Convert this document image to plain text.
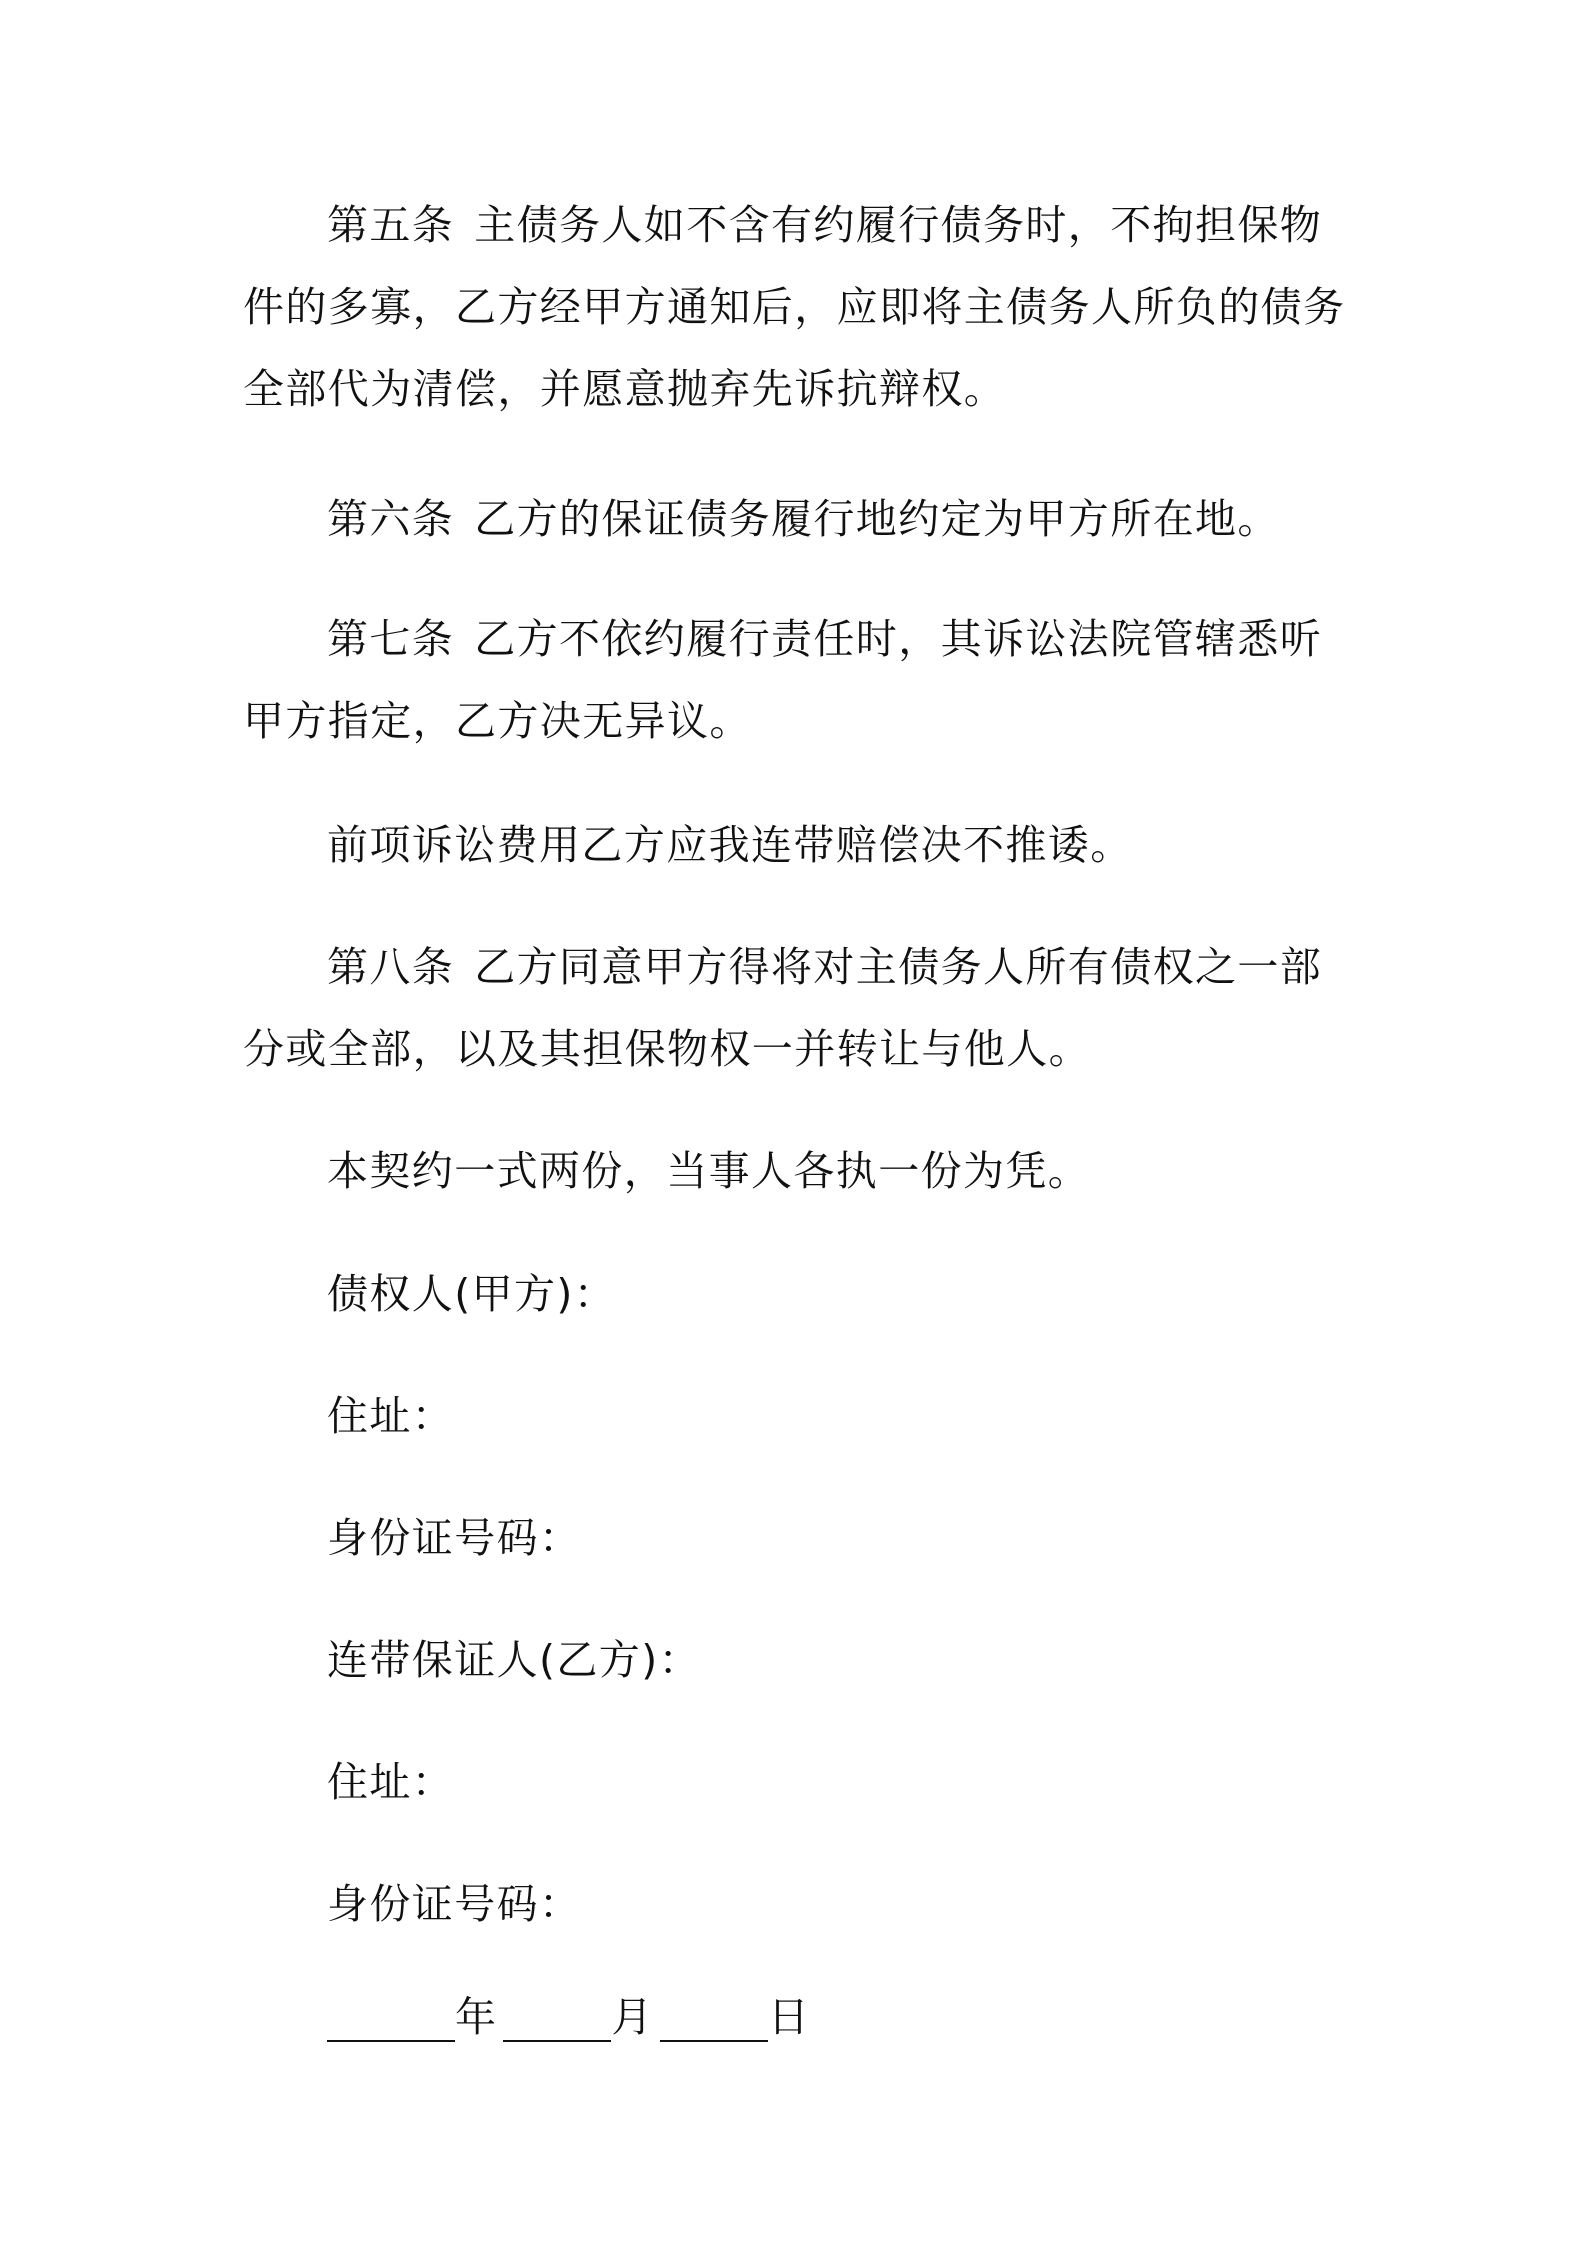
第五条 主债务人如不含有约履行债务时，不拘担保物件的多寡，乙方经甲方通知后，应即将主债务人所负的债务全部代为清偿，并愿意抛弃先诉抗辩权。

第六条 乙方的保证债务履行地约定为甲方所在地。

第七条 乙方不依约履行责任时，其诉讼法院管辖悉听甲方指定，乙方决无异议。

前项诉讼费用乙方应我连带赔偿决不推诿。

第八条 乙方同意甲方得将对主债务人所有债权之一部分或全部，以及其担保物权一并转让与他人。

本契约一式两份，当事人各执一份为凭。

债权人(甲方)：

住址：

身份证号码：

连带保证人(乙方)：

住址：

身份证号码：

年	月	日
